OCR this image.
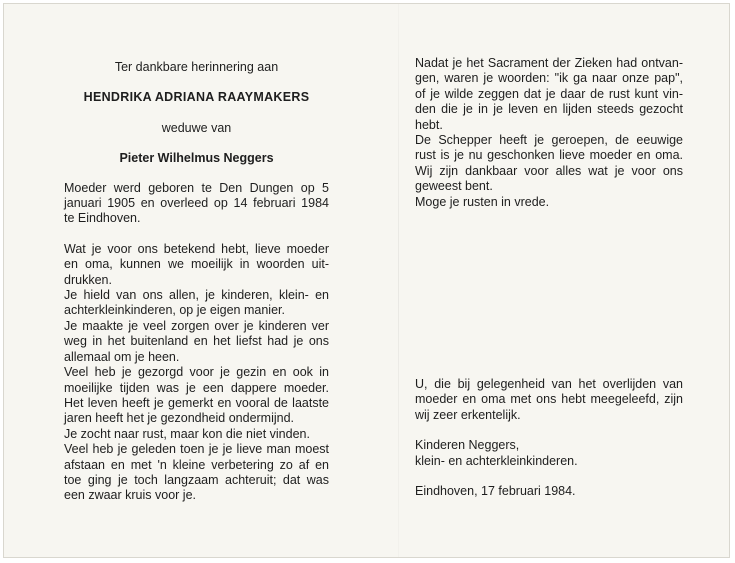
Ter dankbare herinnering aan
HENDRIKA ADRIANA RAAYMAKERS
weduwe van
Pieter Wilhelmus Neggers
Moeder werd geboren te Den Dungen op 5
januari 1905 en overleed op 14 februari 1984
te Eindhoven.
Wat je voor ons betekend hebt, lieve moeder
en oma, kunnen we moeilijk in woorden uit-
drukken.
Je hield van ons allen, je kinderen, klein- en
achterkleinkinderen, op je eigen manier.
Je maakte je veel zorgen over je kinderen ver
weg in het buitenland en het liefst had je ons
allemaal om je heen.
Veel heb je gezorgd voor je gezin en ook in
moeilijke tijden was je een dappere moeder.
Het leven heeft je gemerkt en vooral de laatste
jaren heeft het je gezondheid ondermijnd.
Je zocht naar rust, maar kon die niet vinden.
Veel heb je geleden toen je je lieve man moest
afstaan en met 'n kleine verbetering zo af en
toe ging je toch langzaam achteruit; dat was
een zwaar kruis voor je.
Nadat je het Sacrament der Zieken had ontvan-
gen, waren je woorden: "ik ga naar onze pap",
of je wilde zeggen dat je daar de rust kunt vin-
den die je in je leven en lijden steeds gezocht
hebt.
De Schepper heeft je geroepen, de eeuwige
rust is je nu geschonken lieve moeder en oma.
Wij zijn dankbaar voor alles wat je voor ons
geweest bent.
Moge je rusten in vrede.
U, die bij gelegenheid van het overlijden van
moeder en oma met ons hebt meegeleefd, zijn
wij zeer erkentelijk.
Kinderen Neggers,
klein- en achterkleinkinderen.
Eindhoven, 17 februari 1984.
